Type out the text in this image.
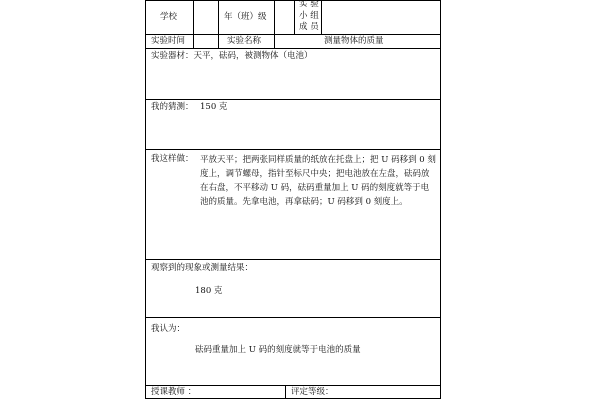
学校	年（班）级
实 验
小 组
成 员
实验时间	实验名称	测量物体的质量
实验器材：天平，砝码，被测物体（电池）
我的猜测： 150 克
我这样做： 平放天平；把两张同样质量的纸放在托盘上；把 U 码移到 0 刻度上，调节螺母，指针至标尺中央；把电池放在左盘，砝码放在右盘，不平移动 U 码，砝码重量加上 U 码的刻度就等于电池的质量。先拿电池，再拿砝码；U 码移到 0 刻度上。
观察到的现象或测量结果：
180 克
我认为：
砝码重量加上 U 码的刻度就等于电池的质量
授课教师 ：	评定等级：
